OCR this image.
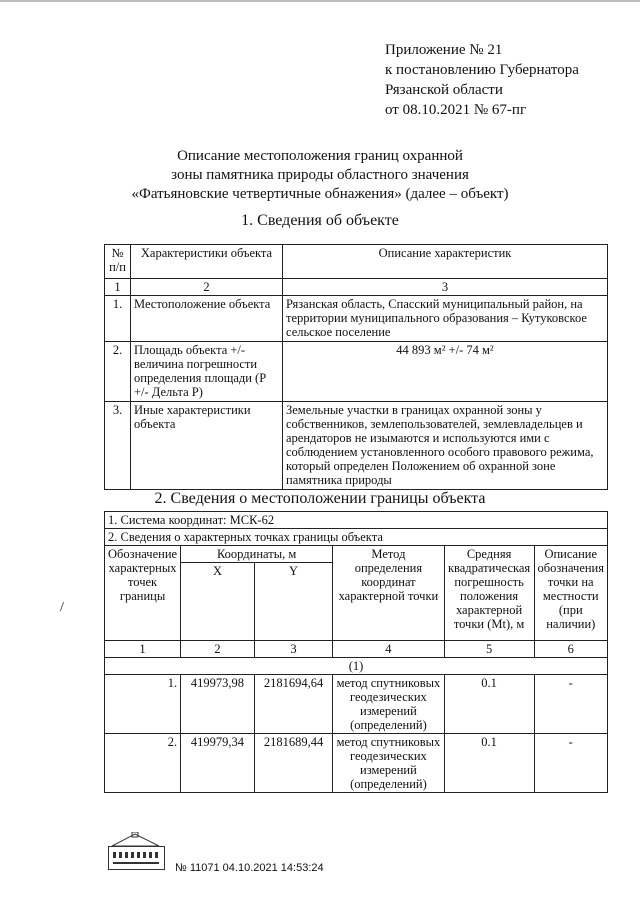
Приложение № 21
к постановлению Губернатора
Рязанской области
от 08.10.2021 № 67-пг
Описание местоположения границ охранной
зоны памятника природы областного значения
«Фатьяновские четвертичные обнажения» (далее – объект)
1. Сведения об объекте
№ п/п	Характеристики объекта	Описание характеристик
1	2	3
1.	Местоположение объекта	Рязанская область, Спасский муниципальный район, на территории муниципального образования – Кутуковское сельское поселение
2.	Площадь объекта +/- величина погрешности определения площади (P +/- Дельта P)	44 893 м² +/- 74 м²
3.	Иные характеристики объекта	Земельные участки в границах охранной зоны у собственников, землепользователей, землевладельцев и арендаторов не изымаются и используются ими с соблюдением установленного особого правового режима, который определен Положением об охранной зоне памятника природы
2. Сведения о местоположении границы объекта
1. Система координат: МСК-62					
2. Сведения о характерных точках границы объекта					
Обозначение характерных точек границы	Координаты, м		Метод определения координат характерной точки	Средняя квадратическая погрешность положения характерной точки (Mt), м	Описание обозначения точки на местности (при наличии)
	X	Y			
1	2	3	4	5	6
(1)					
1.	419973,98	2181694,64	метод спутниковых геодезических измерений (определений)	0.1	-
2.	419979,34	2181689,44	метод спутниковых геодезических измерений (определений)	0.1	-
/
№ 11071 04.10.2021 14:53:24
